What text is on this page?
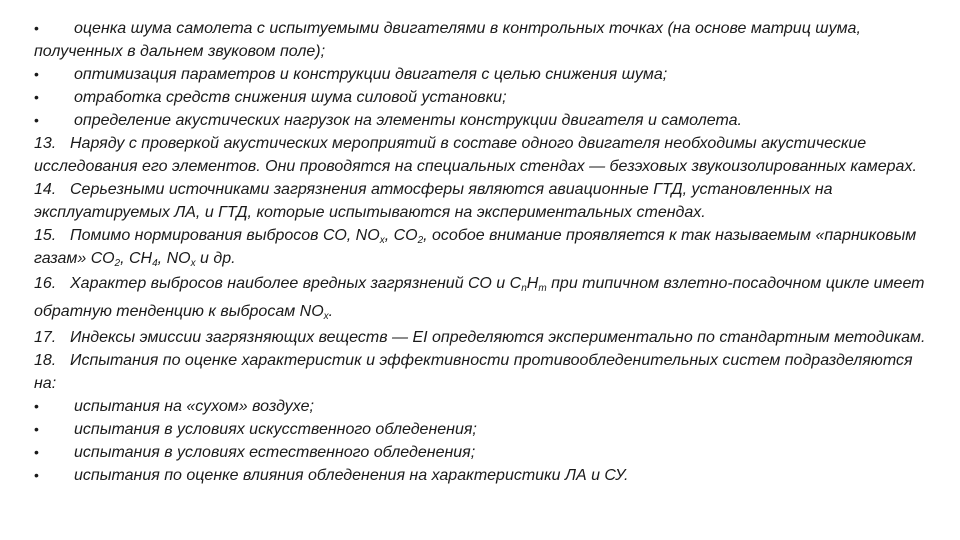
• оценка шума самолета с испытуемыми двигателями в контрольных точках (на основе матриц шума, полученных в дальнем звуковом поле);

• оптимизация параметров и конструкции двигателя с целью снижения шума;

• отработка средств снижения шума силовой установки;

• определение акустических нагрузок на элементы конструкции двигателя и самолета.

13. Наряду с проверкой акустических мероприятий в составе одного двигателя необходимы акустические исследования его элементов. Они проводятся на специальных стендах — безэховых звукоизолированных камерах.

14. Серьезными источниками загрязнения атмосферы являются авиационные ГТД, установленных на эксплуатируемых ЛА, и ГТД, которые испытываются на экспериментальных стендах.

15. Помимо нормирования выбросов СО, $NO_x$, $CO_2$, особое внимание проявляется к так называемым «парниковым газам» $СО_2$, $СН_4$, $NO_x$ и др.

16. Характер выбросов наиболее вредных загрязнений СО и $С_nН_m$ при типичном взлетно-посадочном цикле имеет обратную тенденцию к выбросам $NO_x$.

17. Индексы эмиссии загрязняющих веществ — EI определяются экспериментально по стандартным методикам.

18. Испытания по оценке характеристик и эффективности противообледенительных систем подразделяются на:

• испытания на «сухом» воздухе;

• испытания в условиях искусственного обледенения;

• испытания в условиях естественного обледенения;

• испытания по оценке влияния обледенения на характеристики ЛА и СУ.
